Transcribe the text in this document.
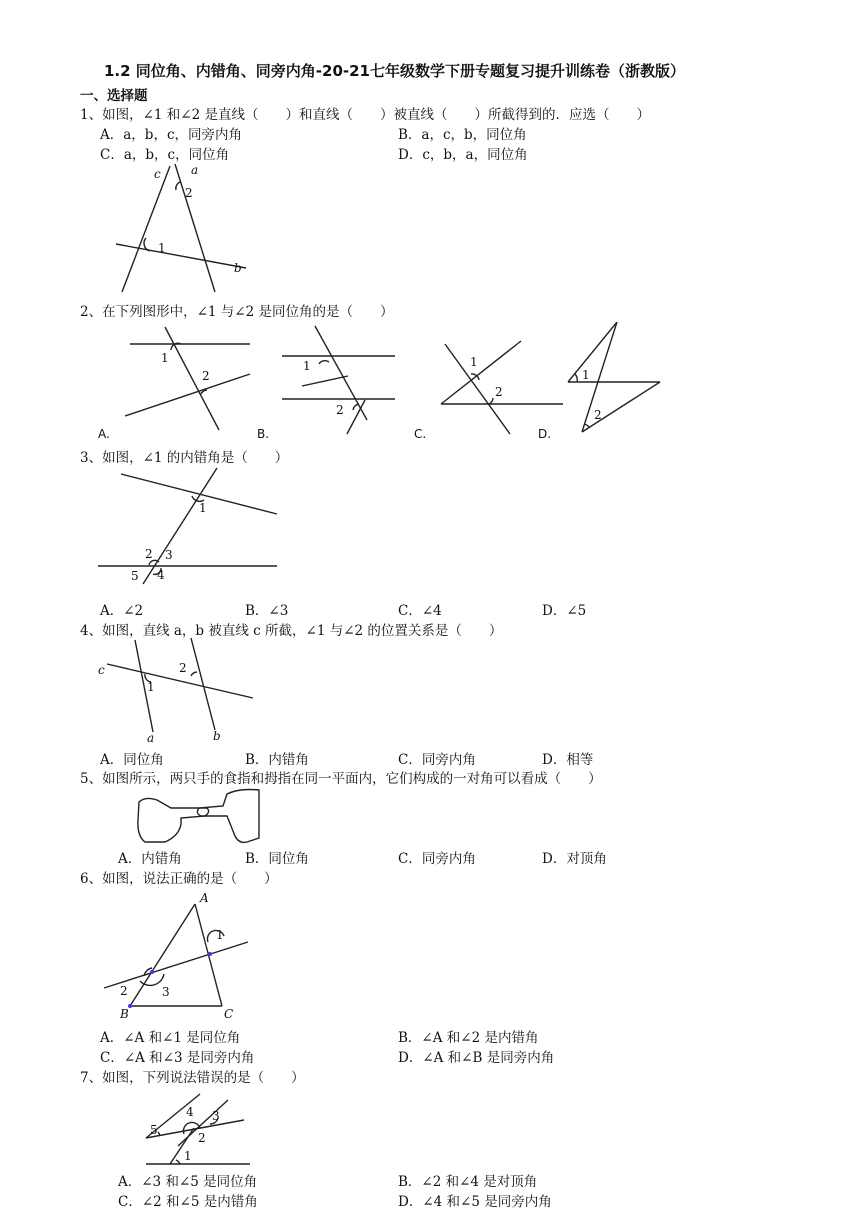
1.2 同位角、内错角、同旁内角-20-21七年级数学下册专题复习提升训练卷（浙教版）
一、选择题
1、如图，∠1 和∠2 是直线（　　）和直线（　　）被直线（　　）所截得到的．应选（　　）
A．a，b，c，同旁内角	B．a，c，b，同位角
C．a，b，c，同位角	D．c，b，a，同位角
c	a
b
1
2
2、在下列图形中，∠1 与∠2 是同位角的是（　　）
1
2
1
2
1
2
1
2
A.	B.	C.	D.
3、如图，∠1 的内错角是（　　）
1
2 3
4
5
A．∠2	B．∠3	C．∠4	D．∠5
4、如图，直线 a，b 被直线 c 所截，∠1 与∠2 的位置关系是（　　）
c
1
2
a	b
A．同位角	B．内错角	C．同旁内角	D．相等
5、如图所示，两只手的食指和拇指在同一平面内，它们构成的一对角可以看成（　　）
A．内错角	B．同位角	C．同旁内角	D．对顶角
6、如图，说法正确的是（　　）
A
1
2	3
B	C
A．∠A 和∠1 是同位角	B．∠A 和∠2 是内错角
C．∠A 和∠3 是同旁内角	D．∠A 和∠B 是同旁内角
7、如图，下列说法错误的是（　　）
4 3
2
5
1
A．∠3 和∠5 是同位角	B．∠2 和∠4 是对顶角
C．∠2 和∠5 是内错角	D．∠4 和∠5 是同旁内角
